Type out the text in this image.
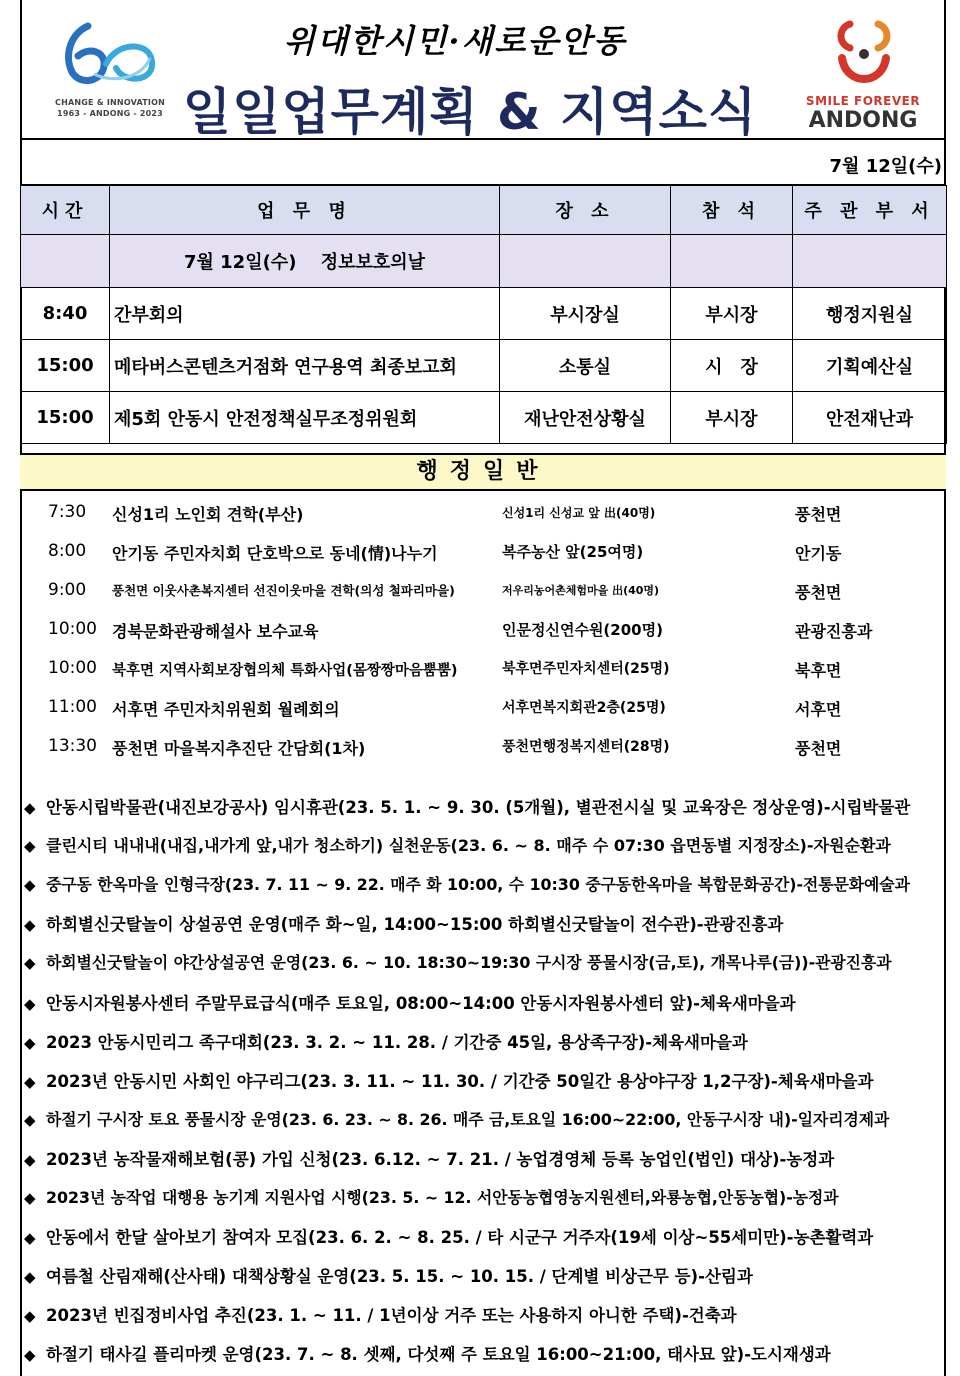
CHANGE & INNOVATION
1963 - ANDONG - 2023
위대한시민·새로운안동
일일업무계획 & 지역소식	SMILE FOREVER
ANDONG
7월 12일(수)
시간	업 무 명	장 소	참 석	주 관 부 서
	7월 12일(수)　 정보보호의날			
8:40	간부회의	부시장실	부시장	행정지원실
15:00	메타버스콘텐츠거점화 연구용역 최종보고회	소통실	시　장	기획예산실
15:00	제5회 안동시 안전정책실무조정위원회	재난안전상황실	부시장	안전재난과
행정일반
7:30 신성1리 노인회 견학(부산)	신성1리 신성교 앞 出(40명)	풍천면
8:00 안기동 주민자치회 단호박으로 동네(情)나누기	복주농산 앞(25여명)	안기동
9:00 풍천면 이웃사촌복지센터 선진이웃마을 견학(의성 철파리마을)	저우리농어촌체험마을 出(40명)	풍천면
10:00 경북문화관광해설사 보수교육	인문정신연수원(200명)	관광진흥과
10:00 북후면 지역사회보장협의체 특화사업(몸짱짱마음뿜뿜)	북후면주민자치센터(25명)	북후면
11:00 서후면 주민자치위원회 월례회의	서후면복지회관2층(25명)	서후면
13:30 풍천면 마을복지추진단 간담회(1차)	풍천면행정복지센터(28명)	풍천면
◆ 안동시립박물관(내진보강공사) 임시휴관(23. 5. 1. ~ 9. 30. (5개월), 별관전시실 및 교육장은 정상운영)-시립박물관
◆ 클린시티 내내내(내집,내가게 앞,내가 청소하기) 실천운동(23. 6. ~ 8. 매주 수 07:30 읍면동별 지정장소)-자원순환과
◆ 중구동 한옥마을 인형극장(23. 7. 11 ~ 9. 22. 매주 화 10:00, 수 10:30 중구동한옥마을 복합문화공간)-전통문화예술과
◆ 하회별신굿탈놀이 상설공연 운영(매주 화~일, 14:00~15:00 하회별신굿탈놀이 전수관)-관광진흥과
◆ 하회별신굿탈놀이 야간상설공연 운영(23. 6. ~ 10. 18:30~19:30 구시장 풍물시장(금,토), 개목나루(금))-관광진흥과
◆ 안동시자원봉사센터 주말무료급식(매주 토요일, 08:00~14:00 안동시자원봉사센터 앞)-체육새마을과
◆ 2023 안동시민리그 족구대회(23. 3. 2. ~ 11. 28. / 기간중 45일, 용상족구장)-체육새마을과
◆ 2023년 안동시민 사회인 야구리그(23. 3. 11. ~ 11. 30. / 기간중 50일간 용상야구장 1,2구장)-체육새마을과
◆ 하절기 구시장 토요 풍물시장 운영(23. 6. 23. ~ 8. 26. 매주 금,토요일 16:00~22:00, 안동구시장 내)-일자리경제과
◆ 2023년 농작물재해보험(콩) 가입 신청(23. 6.12. ~ 7. 21. / 농업경영체 등록 농업인(법인) 대상)-농정과
◆ 2023년 농작업 대행용 농기계 지원사업 시행(23. 5. ~ 12. 서안동농협영농지원센터,와룡농협,안동농협)-농정과
◆ 안동에서 한달 살아보기 참여자 모집(23. 6. 2. ~ 8. 25. / 타 시군구 거주자(19세 이상~55세미만)-농촌활력과
◆ 여름철 산림재해(산사태) 대책상황실 운영(23. 5. 15. ~ 10. 15. / 단계별 비상근무 등)-산림과
◆ 2023년 빈집정비사업 추진(23. 1. ~ 11. / 1년이상 거주 또는 사용하지 아니한 주택)-건축과
◆ 하절기 태사길 플리마켓 운영(23. 7. ~ 8. 셋째, 다섯째 주 토요일 16:00~21:00, 태사묘 앞)-도시재생과
